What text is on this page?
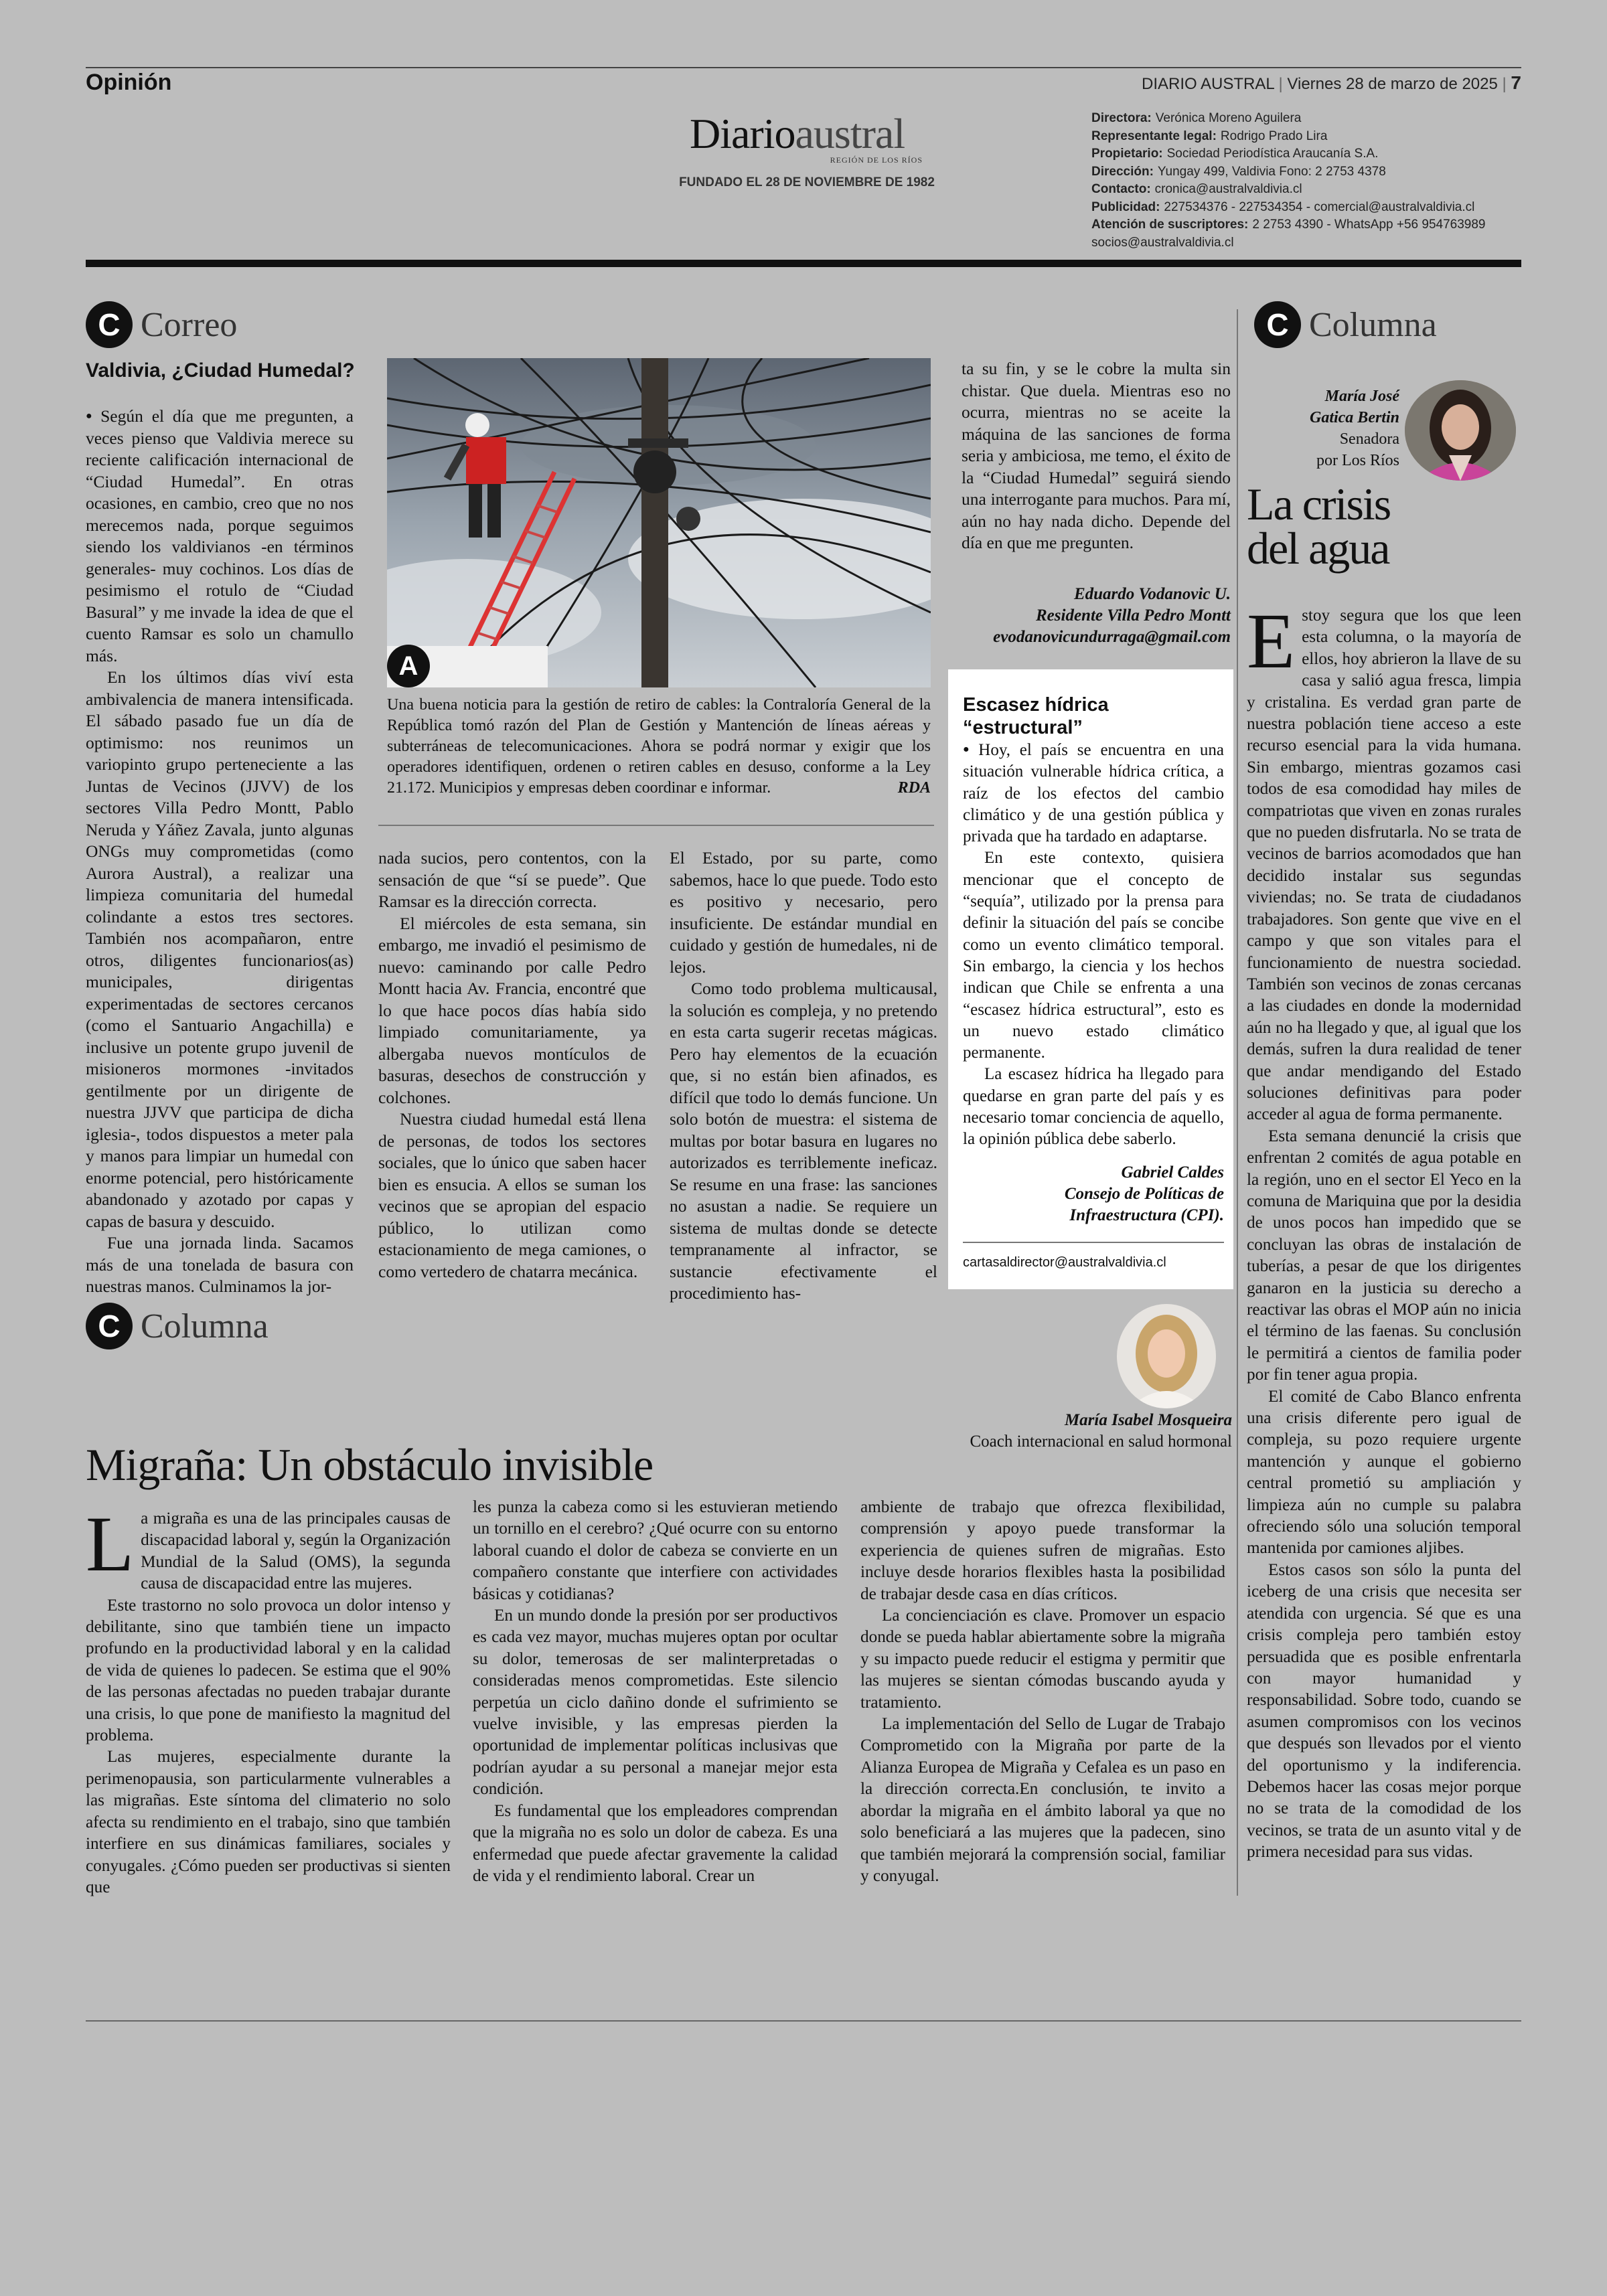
Opinión	DIARIO AUSTRAL | Viernes 28 de marzo de 2025 | 7
Diarioaustral
REGIÓN DE LOS RÍOS
FUNDADO EL 28 DE NOVIEMBRE DE 1982
Directora: Verónica Moreno Aguilera
Representante legal: Rodrigo Prado Lira
Propietario: Sociedad Periodística Araucanía S.A.
Dirección: Yungay 499, Valdivia Fono: 2 2753 4378
Contacto: cronica@australvaldivia.cl
Publicidad: 227534376 - 227534354 - comercial@australvaldivia.cl
Atención de suscriptores: 2 2753 4390 - WhatsApp +56 954763989
socios@australvaldivia.cl
C Correo
Valdivia, ¿Ciudad Humedal?

● Según el día que me pregunten, a veces pienso que Valdivia merece su reciente calificación internacional de “Ciudad Humedal”. En otras ocasiones, en cambio, creo que no nos merecemos nada, porque seguimos siendo los valdivianos -en términos generales- muy cochinos. Los días de pesimismo el rotulo de “Ciudad Basural” y me invade la idea de que el cuento Ramsar es solo un chamullo más.

En los últimos días viví esta ambivalencia de manera intensificada. El sábado pasado fue un día de optimismo: nos reunimos un variopinto grupo perteneciente a las Juntas de Vecinos (JJVV) de los sectores Villa Pedro Montt, Pablo Neruda y Yáñez Zavala, junto algunas ONGs muy comprometidas (como Aurora Austral), a realizar una limpieza comunitaria del humedal colindante a estos tres sectores. También nos acompañaron, entre otros, diligentes funcionarios(as) municipales, dirigentas experimentadas de sectores cercanos (como el Santuario Angachilla) e inclusive un potente grupo juvenil de misioneros mormones -invitados gentilmente por un dirigente de nuestra JJVV que participa de dicha iglesia-, todos dispuestos a meter pala y manos para limpiar un humedal con enorme potencial, pero históricamente abandonado y azotado por capas y capas de basura y descuido.

Fue una jornada linda. Sacamos más de una tonelada de basura con nuestras manos. Culminamos la jor-

A

Una buena noticia para la gestión de retiro de cables: la Contraloría General de la República tomó razón del Plan de Gestión y Mantención de líneas aéreas y subterráneas de telecomunicaciones. Ahora se podrá normar y exigir que los operadores identifiquen, ordenen o retiren cables en desuso, conforme a la Ley 21.172. Municipios y empresas deben coordinar e informar.	RDA

nada sucios, pero contentos, con la sensación de que “sí se puede”. Que Ramsar es la dirección correcta.

El miércoles de esta semana, sin embargo, me invadió el pesimismo de nuevo: caminando por calle Pedro Montt hacia Av. Francia, encontré que lo que hace pocos días había sido limpiado comunitariamente, ya albergaba nuevos montículos de basuras, desechos de construcción y colchones.

Nuestra ciudad humedal está llena de personas, de todos los sectores sociales, que lo único que saben hacer bien es ensucia. A ellos se suman los vecinos que se apropian del espacio público, lo utilizan como estacionamiento de mega camiones, o como vertedero de chatarra mecánica.

El Estado, por su parte, como sabemos, hace lo que puede. Todo esto es positivo y necesario, pero insuficiente. De estándar mundial en cuidado y gestión de humedales, ni de lejos.

Como todo problema multicausal, la solución es compleja, y no pretendo en esta carta sugerir recetas mágicas. Pero hay elementos de la ecuación que, si no están bien afinados, es difícil que todo lo demás funcione. Un solo botón de muestra: el sistema de multas por botar basura en lugares no autorizados es terriblemente ineficaz. Se resume en una frase: las sanciones no asustan a nadie. Se requiere un sistema de multas donde se detecte tempranamente al infractor, se sustancie efectivamente el procedimiento has-

ta su fin, y se le cobre la multa sin chistar. Que duela. Mientras eso no ocurra, mientras no se aceite la máquina de las sanciones de forma seria y ambiciosa, me temo, el éxito de la “Ciudad Humedal” seguirá siendo una interrogante para muchos. Para mí, aún no hay nada dicho. Depende del día en que me pregunten.

Eduardo Vodanovic U.
Residente Villa Pedro Montt
evodanovicundurraga@gmail.com
Escasez hídrica “estructural”

● Hoy, el país se encuentra en una situación vulnerable hídrica crítica, a raíz de los efectos del cambio climático y de una gestión pública y privada que ha tardado en adaptarse.

En este contexto, quisiera mencionar que el concepto de “sequía”, utilizado por la prensa para definir la situación del país se concibe como un evento climático temporal. Sin embargo, la ciencia y los hechos indican que Chile se enfrenta a una “escasez hídrica estructural”, esto es un nuevo estado climático permanente.

La escasez hídrica ha llegado para quedarse en gran parte del país y es necesario tomar conciencia de aquello, la opinión pública debe saberlo.

Gabriel Caldes
Consejo de Políticas de
Infraestructura (CPI).
cartasaldirector@australvaldivia.cl
C Columna
María José
Gatica Bertin
Senadora
por Los Ríos
La crisis
del agua

Estoy segura que los que leen esta columna, o la mayoría de ellos, hoy abrieron la llave de su casa y salió agua fresca, limpia y cristalina. Es verdad gran parte de nuestra población tiene acceso a este recurso esencial para la vida humana. Sin embargo, mientras gozamos casi todos de esa comodidad hay miles de compatriotas que viven en zonas rurales que no pueden disfrutarla. No se trata de vecinos de barrios acomodados que han decidido instalar sus segundas viviendas; no. Se trata de ciudadanos trabajadores. Son gente que vive en el campo y que son vitales para el funcionamiento de nuestra sociedad. También son vecinos de zonas cercanas a las ciudades en donde la modernidad aún no ha llegado y que, al igual que los demás, sufren la dura realidad de tener que andar mendigando del Estado soluciones definitivas para poder acceder al agua de forma permanente.

Esta semana denuncié la crisis que enfrentan 2 comités de agua potable en la región, uno en el sector El Yeco en la comuna de Mariquina que por la desidia de unos pocos han impedido que se concluyan las obras de instalación de tuberías, a pesar de que los dirigentes ganaron en la justicia su derecho a reactivar las obras el MOP aún no inicia el término de las faenas. Su conclusión le permitirá a cientos de familia poder por fin tener agua propia.

El comité de Cabo Blanco enfrenta una crisis diferente pero igual de compleja, su pozo requiere urgente mantención y aunque el gobierno central prometió su ampliación y limpieza aún no cumple su palabra ofreciendo sólo una solución temporal mantenida por camiones aljibes.

Estos casos son sólo la punta del iceberg de una crisis que necesita ser atendida con urgencia. Sé que es una crisis compleja pero también estoy persuadida que es posible enfrentarla con mayor humanidad y responsabilidad. Sobre todo, cuando se asumen compromisos con los vecinos que después son llevados por el viento del oportunismo y la indiferencia. Debemos hacer las cosas mejor porque no se trata de la comodidad de los vecinos, se trata de un asunto vital y de primera necesidad para sus vidas.

C Columna
María Isabel Mosqueira
Coach internacional en salud hormonal
Migraña: Un obstáculo invisible

La migraña es una de las principales causas de discapacidad laboral y, según la Organización Mundial de la Salud (OMS), la segunda causa de discapacidad entre las mujeres.

Este trastorno no solo provoca un dolor intenso y debilitante, sino que también tiene un impacto profundo en la productividad laboral y en la calidad de vida de quienes lo padecen. Se estima que el 90% de las personas afectadas no pueden trabajar durante una crisis, lo que pone de manifiesto la magnitud del problema.

Las mujeres, especialmente durante la perimenopausia, son particularmente vulnerables a las migrañas. Este síntoma del climaterio no solo afecta su rendimiento en el trabajo, sino que también interfiere en sus dinámicas familiares, sociales y conyugales. ¿Cómo pueden ser productivas si sienten que

les punza la cabeza como si les estuvieran metiendo un tornillo en el cerebro? ¿Qué ocurre con su entorno laboral cuando el dolor de cabeza se convierte en un compañero constante que interfiere con actividades básicas y cotidianas?

En un mundo donde la presión por ser productivos es cada vez mayor, muchas mujeres optan por ocultar su dolor, temerosas de ser malinterpretadas o consideradas menos comprometidas. Este silencio perpetúa un ciclo dañino donde el sufrimiento se vuelve invisible, y las empresas pierden la oportunidad de implementar políticas inclusivas que podrían ayudar a su personal a manejar mejor esta condición.

Es fundamental que los empleadores comprendan que la migraña no es solo un dolor de cabeza. Es una enfermedad que puede afectar gravemente la calidad de vida y el rendimiento laboral. Crear un

ambiente de trabajo que ofrezca flexibilidad, comprensión y apoyo puede transformar la experiencia de quienes sufren de migrañas. Esto incluye desde horarios flexibles hasta la posibilidad de trabajar desde casa en días críticos.

La concienciación es clave. Promover un espacio donde se pueda hablar abiertamente sobre la migraña y su impacto puede reducir el estigma y permitir que las mujeres se sientan cómodas buscando ayuda y tratamiento.

La implementación del Sello de Lugar de Trabajo Comprometido con la Migraña por parte de la Alianza Europea de Migraña y Cefalea es un paso en la dirección correcta.En conclusión, te invito a abordar la migraña en el ámbito laboral ya que no solo beneficiará a las mujeres que la padecen, sino que también mejorará la comprensión social, familiar y conyugal.
